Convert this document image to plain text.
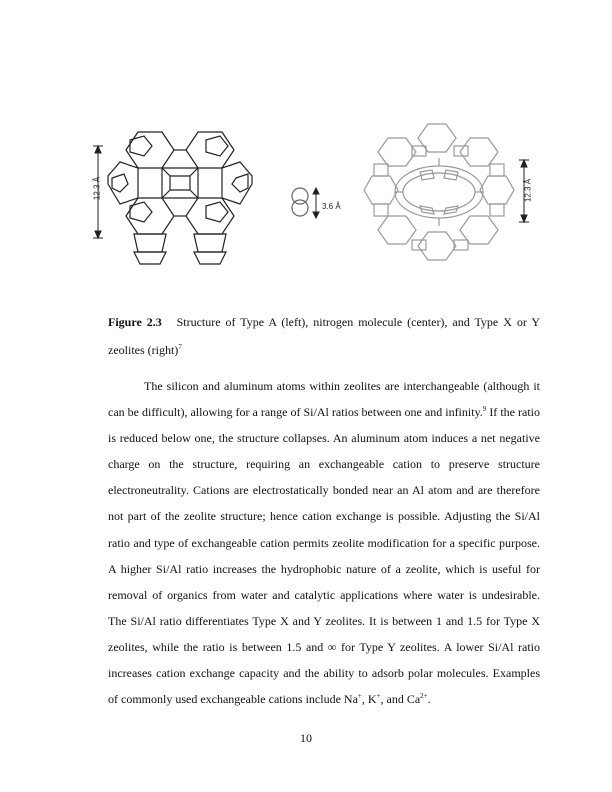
12.3 Å
3.6 Å
12.3 Å
Figure 2.3 Structure of Type A (left), nitrogen molecule (center), and Type X or Y zeolites (right)$^7$

The silicon and aluminum atoms within zeolites are interchangeable (although it can be difficult), allowing for a range of Si/Al ratios between one and infinity.$^9$ If the ratio is reduced below one, the structure collapses. An aluminum atom induces a net negative charge on the structure, requiring an exchangeable cation to preserve structure electroneutrality. Cations are electrostatically bonded near an Al atom and are therefore not part of the zeolite structure; hence cation exchange is possible. Adjusting the Si/Al ratio and type of exchangeable cation permits zeolite modification for a specific purpose. A higher Si/Al ratio increases the hydrophobic nature of a zeolite, which is useful for removal of organics from water and catalytic applications where water is undesirable. The Si/Al ratio differentiates Type X and Y zeolites. It is between 1 and 1.5 for Type X zeolites, while the ratio is between 1.5 and ∞ for Type Y zeolites. A lower Si/Al ratio increases cation exchange capacity and the ability to adsorb polar molecules. Examples of commonly used exchangeable cations include Na+, K+, and $Ca^{2+}$.

10
